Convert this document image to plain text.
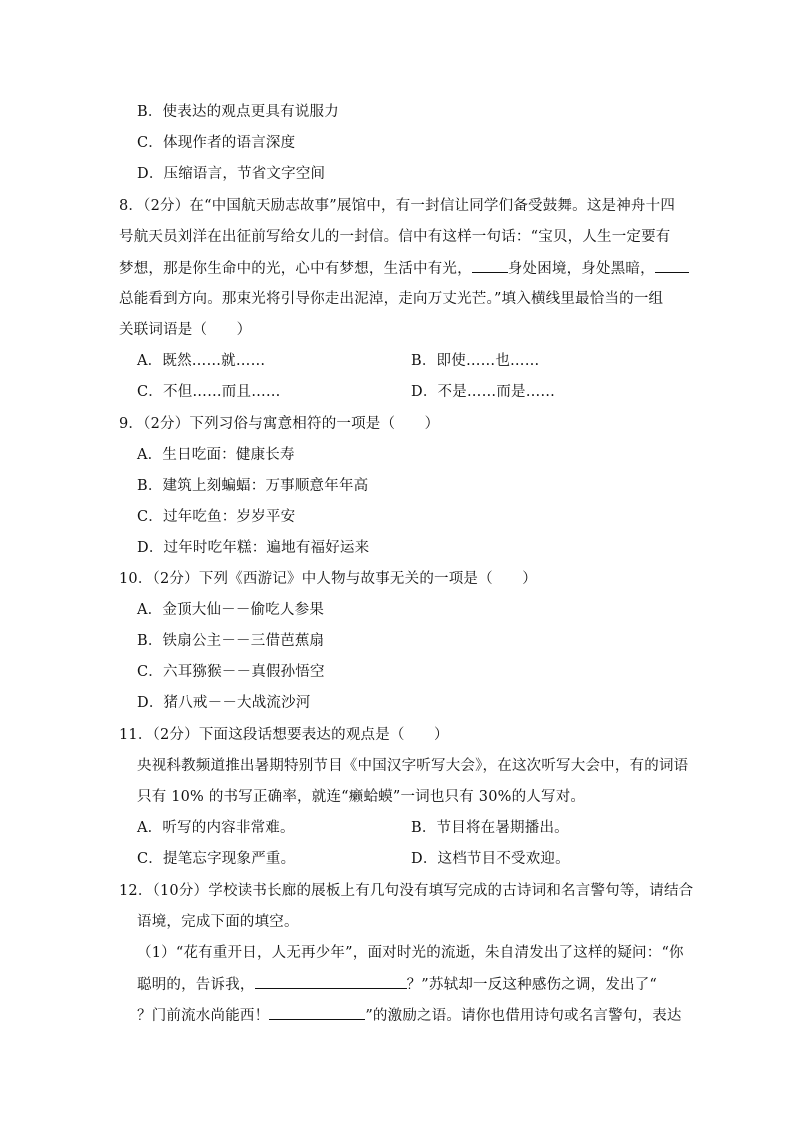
B．使表达的观点更具有说服力
C．体现作者的语言深度
D．压缩语言，节省文字空间
8．（2分）在“中国航天励志故事”展馆中，有一封信让同学们备受鼓舞。这是神舟十四
号航天员刘洋在出征前写给女儿的一封信。信中有这样一句话：“宝贝，人生一定要有
梦想，那是你生命中的光，心中有梦想，生活中有光， 身处困境，身处黑暗，
总能看到方向。那束光将引导你走出泥淖，走向万丈光芒。”填入横线里最恰当的一组
关联词语是（　　）
A．既然……就……	B．即使……也……
C．不但……而且……	D．不是……而是……
9．（2分）下列习俗与寓意相符的一项是（　　）
A．生日吃面：健康长寿
B．建筑上刻蝙蝠：万事顺意年年高
C．过年吃鱼：岁岁平安
D．过年时吃年糕：遍地有福好运来
10．（2分）下列《西游记》中人物与故事无关的一项是（　　）
A．金顶大仙－－偷吃人参果
B．铁扇公主－－三借芭蕉扇
C．六耳猕猴－－真假孙悟空
D．猪八戒－－大战流沙河
11．（2分）下面这段话想要表达的观点是（　　）
央视科教频道推出暑期特别节目《中国汉字听写大会》，在这次听写大会中，有的词语
只有 10% 的书写正确率，就连“癞蛤蟆”一词也只有 30%的人写对。
A．听写的内容非常难。	B．节目将在暑期播出。
C．提笔忘字现象严重。	D．这档节目不受欢迎。
12．（10分）学校读书长廊的展板上有几句没有填写完成的古诗词和名言警句等，请结合
语境，完成下面的填空。
（1）“花有重开日，人无再少年”，面对时光的流逝，朱自清发出了这样的疑问：“你
聪明的，告诉我，	？”苏轼却一反这种感伤之调，发出了“
？门前流水尚能西！	”的激励之语。请你也借用诗句或名言警句，表达
